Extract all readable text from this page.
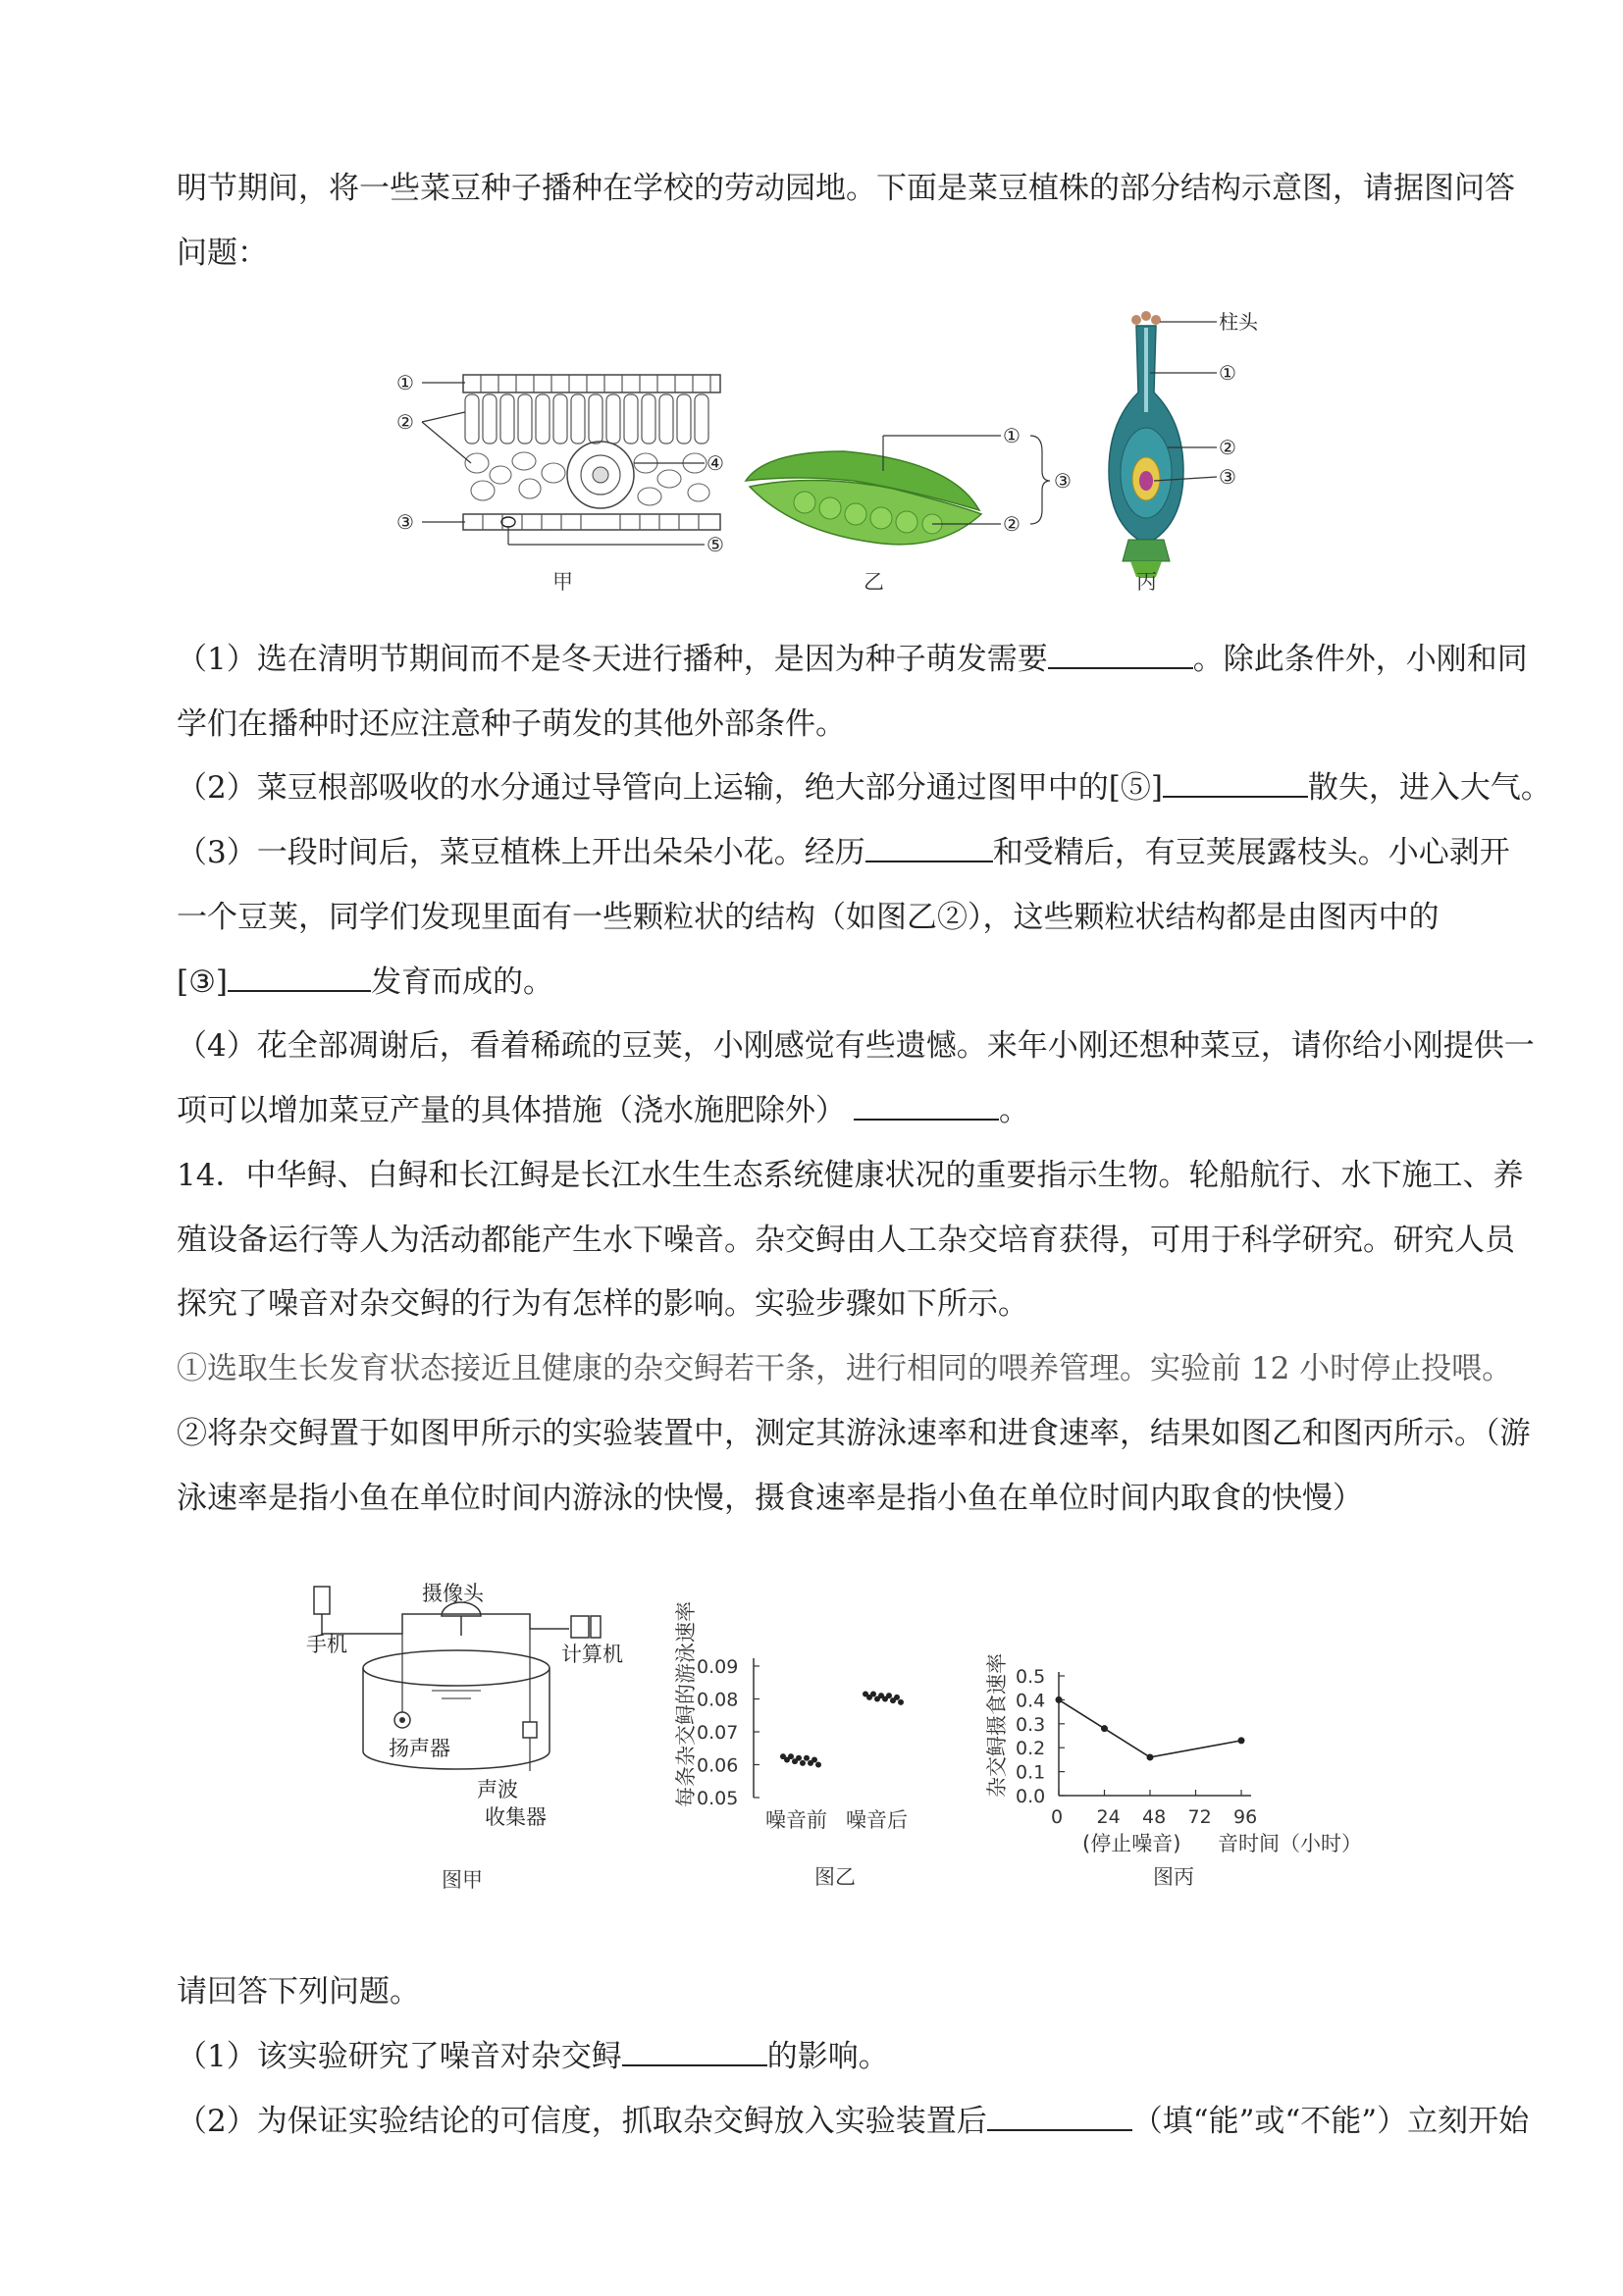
明节期间，将一些菜豆种子播种在学校的劳动园地。下面是菜豆植株的部分结构示意图，请据图问答
问题：
①
②
③
④
⑤
甲
①
②
③
乙
柱头
①
②
③
丙
（1）选在清明节期间而不是冬天进行播种，是因为种子萌发需要	。除此条件外，小刚和同
学们在播种时还应注意种子萌发的其他外部条件。
（2）菜豆根部吸收的水分通过导管向上运输，绝大部分通过图甲中的[⑤]	散失，进入大气。
（3）一段时间后，菜豆植株上开出朵朵小花。经历	和受精后，有豆荚展露枝头。小心剥开
一个豆荚，同学们发现里面有一些颗粒状的结构（如图乙②），这些颗粒状结构都是由图丙中的
[③]	发育而成的。
（4）花全部凋谢后，看着稀疏的豆荚，小刚感觉有些遗憾。来年小刚还想种菜豆，请你给小刚提供一
项可以增加菜豆产量的具体措施（浇水施肥除外）	。
14．中华鲟、白鲟和长江鲟是长江水生生态系统健康状况的重要指示生物。轮船航行、水下施工、养
殖设备运行等人为活动都能产生水下噪音。杂交鲟由人工杂交培育获得，可用于科学研究。研究人员
探究了噪音对杂交鲟的行为有怎样的影响。实验步骤如下所示。
①选取生长发育状态接近且健康的杂交鲟若干条，进行相同的喂养管理。实验前 12 小时停止投喂。
②将杂交鲟置于如图甲所示的实验装置中，测定其游泳速率和进食速率，结果如图乙和图丙所示。（游
泳速率是指小鱼在单位时间内游泳的快慢，摄食速率是指小鱼在单位时间内取食的快慢）
摄像头
手机	计算机
扬声器
声波
收集器
图甲
每条杂交鲟的游泳速率 0.05
0.06
0.07
0.08
0.09
噪音前 噪音后
图乙
杂交鲟摄食速率 0.0
0.1
0.2
0.3
0.4
0.5
0 24 48 72 96
(停止噪音) 音时间（小时）
图丙
请回答下列问题。
（1）该实验研究了噪音对杂交鲟	的影响。
（2）为保证实验结论的可信度，抓取杂交鲟放入实验装置后	（填“能”或“不能”）立刻开始
